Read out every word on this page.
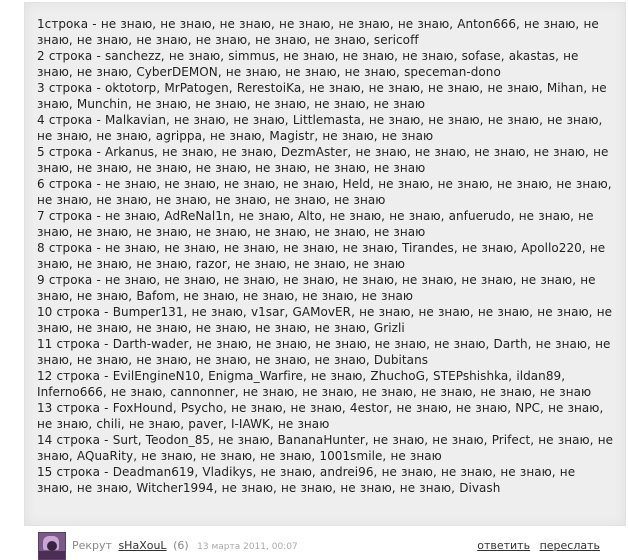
1строка - не знаю, не знаю, не знаю, не знаю, не знаю, не знаю, Anton666, не знаю, не знаю, не знаю, не знаю, не знаю, не знаю, не знаю, sericoff
2 строка - sanchezz, не знаю, simmus, не знаю, не знаю, не знаю, sofase, akastas, не знаю, не знаю, CyberDEMON, не знаю, не знаю, не знаю, speceman-dono
3 строка - oktotorp, MrPatogen, RerestoiKa, не знаю, не знаю, не знаю, не знаю, Mihan, не знаю, Munchin, не знаю, не знаю, не знаю, не знаю, не знаю
4 строка - Malkavian, не знаю, не знаю, Littlemasta, не знаю, не знаю, не знаю, не знаю, не знаю, не знаю, agrippa, не знаю, Magistr, не знаю, не знаю
5 строка - Arkanus, не знаю, не знаю, DezmAster, не знаю, не знаю, не знаю, не знаю, не знаю, не знаю, не знаю, не знаю, не знаю, не знаю, не знаю
6 строка - не знаю, не знаю, не знаю, не знаю, Held, не знаю, не знаю, не знаю, не знаю, не знаю, не знаю, не знаю, не знаю, не знаю, не знаю
7 строка - не знаю, AdReNal1n, не знаю, Alto, не знаю, не знаю, anfuerudo, не знаю, не знаю, не знаю, не знаю, не знаю, не знаю, не знаю, не знаю
8 строка - не знаю, не знаю, не знаю, не знаю, не знаю, Tirandes, не знаю, Apollo220, не знаю, не знаю, не знаю, razor, не знаю, не знаю, не знаю
9 строка - не знаю, не знаю, не знаю, не знаю, не знаю, не знаю, не знаю, не знаю, не знаю, не знаю, Bafom, не знаю, не знаю, не знаю, не знаю
10 строка - Bumper131, не знаю, v1sar, GAMovER, не знаю, не знаю, не знаю, не знаю, не знаю, не знаю, не знаю, не знаю, не знаю, не знаю, Grizli
11 строка - Darth-wader, не знаю, не знаю, не знаю, не знаю, не знаю, Darth, не знаю, не знаю, не знаю, не знаю, не знаю, не знаю, не знаю, Dubitans
12 строка - EvilEngineN10, Enigma_Warfire, не знаю, ZhuchoG, STEPshishka, ildan89, Inferno666, не знаю, cannonner, не знаю, не знаю, не знаю, не знаю, не знаю, не знаю
13 строка - FoxHound, Psycho, не знаю, не знаю, 4estor, не знаю, не знаю, NPC, не знаю, не знаю, chili, не знаю, paver, I-IAWK, не знаю
14 строка - Surt, Teodon_85, не знаю, BananaHunter, не знаю, не знаю, Prifect, не знаю, не знаю, AQuaRity, не знаю, не знаю, не знаю, 1001smile, не знаю
15 строка - Deadman619, Vladikys, не знаю, andrei96, не знаю, не знаю, не знаю, не знаю, не знаю, Witcher1994, не знаю, не знаю, не знаю, не знаю, Divash
Рекрут sHaXouL (6) 13 марта 2011, 00:07	ответить переслать
